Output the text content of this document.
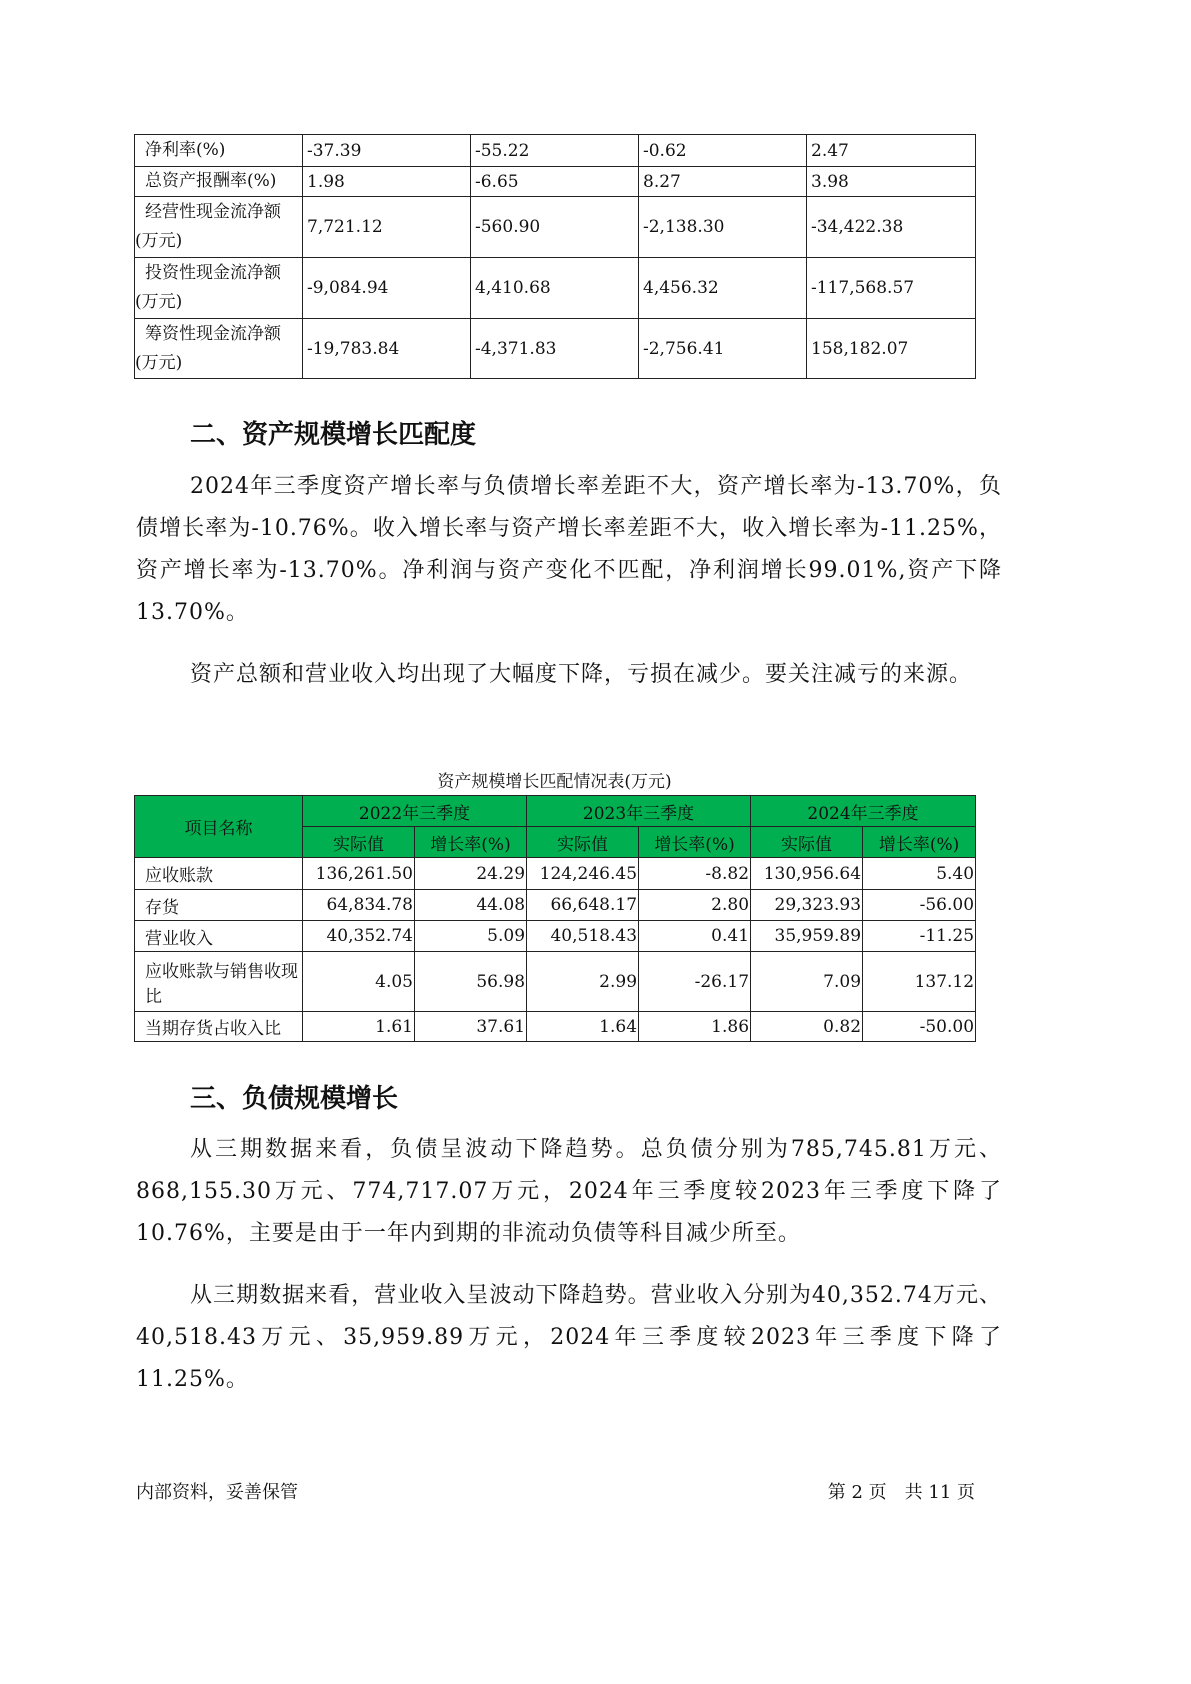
净利率(%)	-37.39	-55.22	-0.62	2.47
总资产报酬率(%)	1.98	-6.65	8.27	3.98
经营性现金流净额(万元)	7,721.12	-560.90	-2,138.30	-34,422.38
投资性现金流净额(万元)	-9,084.94	4,410.68	4,456.32	-117,568.57
筹资性现金流净额(万元)	-19,783.84	-4,371.83	-2,756.41	158,182.07
二、资产规模增长匹配度
2024年三季度资产增长率与负债增长率差距不大，资产增长率为-13.70%，负债增长率为-10.76%。收入增长率与资产增长率差距不大，收入增长率为-11.25%，资产增长率为-13.70%。净利润与资产变化不匹配，净利润增长99.01%,资产下降13.70%。
资产总额和营业收入均出现了大幅度下降，亏损在减少。要关注减亏的来源。
资产规模增长匹配情况表(万元)
项目名称	2022年三季度		2023年三季度		2024年三季度	
	实际值	增长率(%)	实际值	增长率(%)	实际值	增长率(%)
应收账款	136,261.50	24.29	124,246.45	-8.82	130,956.64	5.40
存货	64,834.78	44.08	66,648.17	2.80	29,323.93	-56.00
营业收入	40,352.74	5.09	40,518.43	0.41	35,959.89	-11.25
应收账款与销售收现比	4.05	56.98	2.99	-26.17	7.09	137.12
当期存货占收入比	1.61	37.61	1.64	1.86	0.82	-50.00
三、负债规模增长
从三期数据来看，负债呈波动下降趋势。总负债分别为785,745.81万元、868,155.30万元、774,717.07万元，2024年三季度较2023年三季度下降了10.76%，主要是由于一年内到期的非流动负债等科目减少所至。
从三期数据来看，营业收入呈波动下降趋势。营业收入分别为40,352.74万元、40,518.43万元、35,959.89万元，2024年三季度较2023年三季度下降了11.25%。
内部资料，妥善保管	第 2 页　共 11 页
